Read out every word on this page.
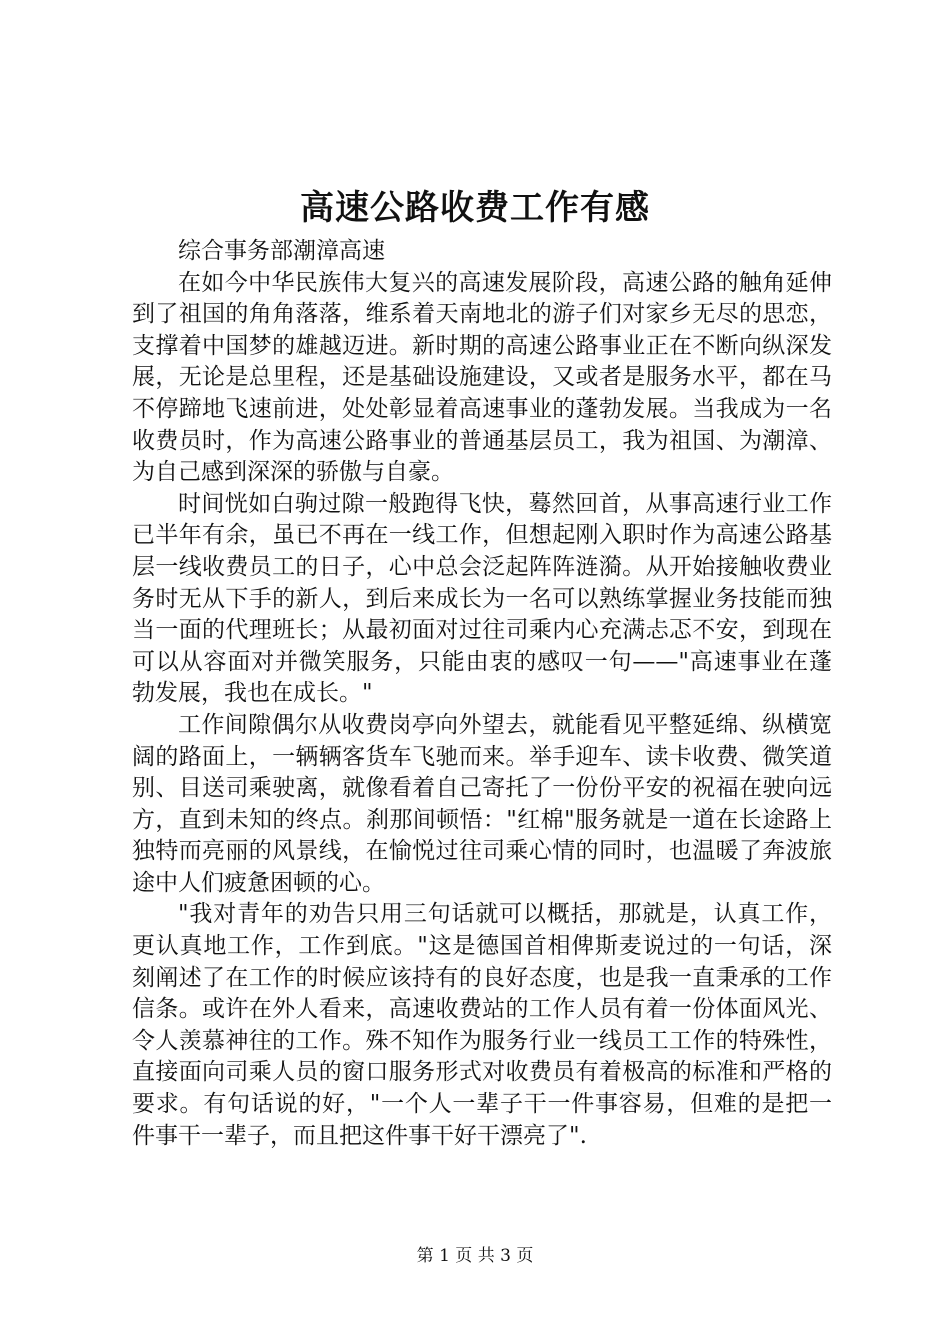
高速公路收费工作有感

综合事务部潮漳高速

在如今中华民族伟大复兴的高速发展阶段，高速公路的触角延伸到了祖国的角角落落，维系着天南地北的游子们对家乡无尽的思恋，支撑着中国梦的雄越迈进。新时期的高速公路事业正在不断向纵深发展，无论是总里程，还是基础设施建设，又或者是服务水平，都在马不停蹄地飞速前进，处处彰显着高速事业的蓬勃发展。当我成为一名收费员时，作为高速公路事业的普通基层员工，我为祖国、为潮漳、为自己感到深深的骄傲与自豪。

时间恍如白驹过隙一般跑得飞快，蓦然回首，从事高速行业工作已半年有余，虽已不再在一线工作，但想起刚入职时作为高速公路基层一线收费员工的日子，心中总会泛起阵阵涟漪。从开始接触收费业务时无从下手的新人，到后来成长为一名可以熟练掌握业务技能而独当一面的代理班长；从最初面对过往司乘内心充满忐忑不安，到现在可以从容面对并微笑服务，只能由衷的感叹一句——"高速事业在蓬勃发展，我也在成长。"

工作间隙偶尔从收费岗亭向外望去，就能看见平整延绵、纵横宽阔的路面上，一辆辆客货车飞驰而来。举手迎车、读卡收费、微笑道别、目送司乘驶离，就像看着自己寄托了一份份平安的祝福在驶向远方，直到未知的终点。刹那间顿悟："红棉"服务就是一道在长途路上独特而亮丽的风景线，在愉悦过往司乘心情的同时，也温暖了奔波旅途中人们疲惫困顿的心。

"我对青年的劝告只用三句话就可以概括，那就是，认真工作，更认真地工作，工作到底。"这是德国首相俾斯麦说过的一句话，深刻阐述了在工作的时候应该持有的良好态度，也是我一直秉承的工作信条。或许在外人看来，高速收费站的工作人员有着一份体面风光、令人羡慕神往的工作。殊不知作为服务行业一线员工工作的特殊性，直接面向司乘人员的窗口服务形式对收费员有着极高的标准和严格的要求。有句话说的好，"一个人一辈子干一件事容易，但难的是把一件事干一辈子，而且把这件事干好干漂亮了".

第 1 页 共 3 页
